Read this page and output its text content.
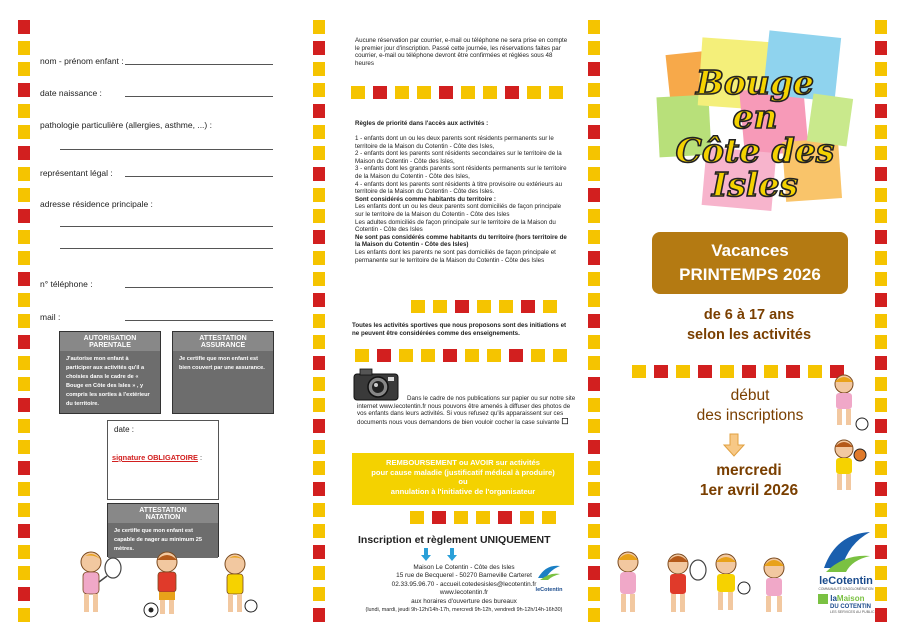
nom - prénom enfant :
date naissance :
pathologie particulière (allergies, asthme, ...) :
représentant légal :
adresse résidence principale :
n° téléphone :
mail :
AUTORISATION PARENTALE
J'autorise mon enfant à participer aux activités qu'il a choisies dans le cadre de « Bouge en Côte des Isles » , y compris les sorties à l'extérieur du territoire.
ATTESTATION ASSURANCE
Je certifie que mon enfant est bien couvert par une assurance.
date :
signature OBLIGATOIRE :
ATTESTATION NATATION
Je certifie que mon enfant est capable de nager au minimum 25 mètres.
Aucune réservation par courrier, e-mail ou téléphone ne sera prise en compte le premier jour d'inscription. Passé cette journée, les réservations faites par courrier, e-mail ou téléphone devront être confirmées et réglées sous 48 heures
Règles de priorité dans l'accès aux activités :
1 - enfants dont un ou les deux parents sont résidents permanents sur le territoire de la Maison du Cotentin - Côte des Isles,
2 - enfants dont les parents sont résidents secondaires sur le territoire de la Maison du Cotentin - Côte des Isles,
3 - enfants dont les grands parents sont résidents permanents sur le territoire de la Maison du Cotentin - Côte des Isles,
4 - enfants dont les parents sont résidents à titre provisoire ou extérieurs au territoire de la Maison du Cotentin - Côte des Isles.
Sont considérés comme habitants du territoire :
Les enfants dont un ou les deux parents sont domiciliés de façon principale sur le territoire de la Maison du Cotentin - Côte des Isles
Les adultes domiciliés de façon principale sur le territoire de la Maison du Cotentin - Côte des Isles
Ne sont pas considérés comme habitants du territoire (hors territoire de la Maison du Cotentin - Côte des Isles)
Les enfants dont les parents ne sont pas domiciliés de façon principale et permanente sur le territoire de la Maison du Cotentin - Côte des Isles
Toutes les activités sportives que nous proposons sont des initiations et ne peuvent être considérées comme des enseignements.
Dans le cadre de nos publications sur papier ou sur notre site internet www.lecotentin.fr nous pouvons être amenés à diffuser des photos de vos enfants dans leurs activités. Si vous refusez qu'ils apparaissent sur ces documents nous vous demandons de bien vouloir cocher la case suivante ☐
REMBOURSEMENT ou AVOIR sur activités
pour cause maladie (justificatif médical à produire)
ou
annulation à l'initiative de l'organisateur
Inscription et règlement UNIQUEMENT
Maison Le Cotentin - Côte des Isles
15 rue de Becquerel - 50270 Barneville Carteret
02.33.95.96.70 - accueil.cotedesisles@lecotentin.fr
www.lecotentin.fr
aux horaires d'ouverture des bureaux
(lundi, mardi, jeudi 9h-12h/14h-17h, mercredi 9h-12h, vendredi 9h-12h/14h-16h30)
leCotentin
Bouge
en
Côte des
Isles
Vacances
PRINTEMPS 2026
de 6 à 17 ans
selon les activités
début
des inscriptions
mercredi
1er avril 2026
leCotentin
COMMUNAUTÉ D'AGGLOMÉRATION
laMaison
DU COTENTIN
LES SERVICES AU PUBLIC
